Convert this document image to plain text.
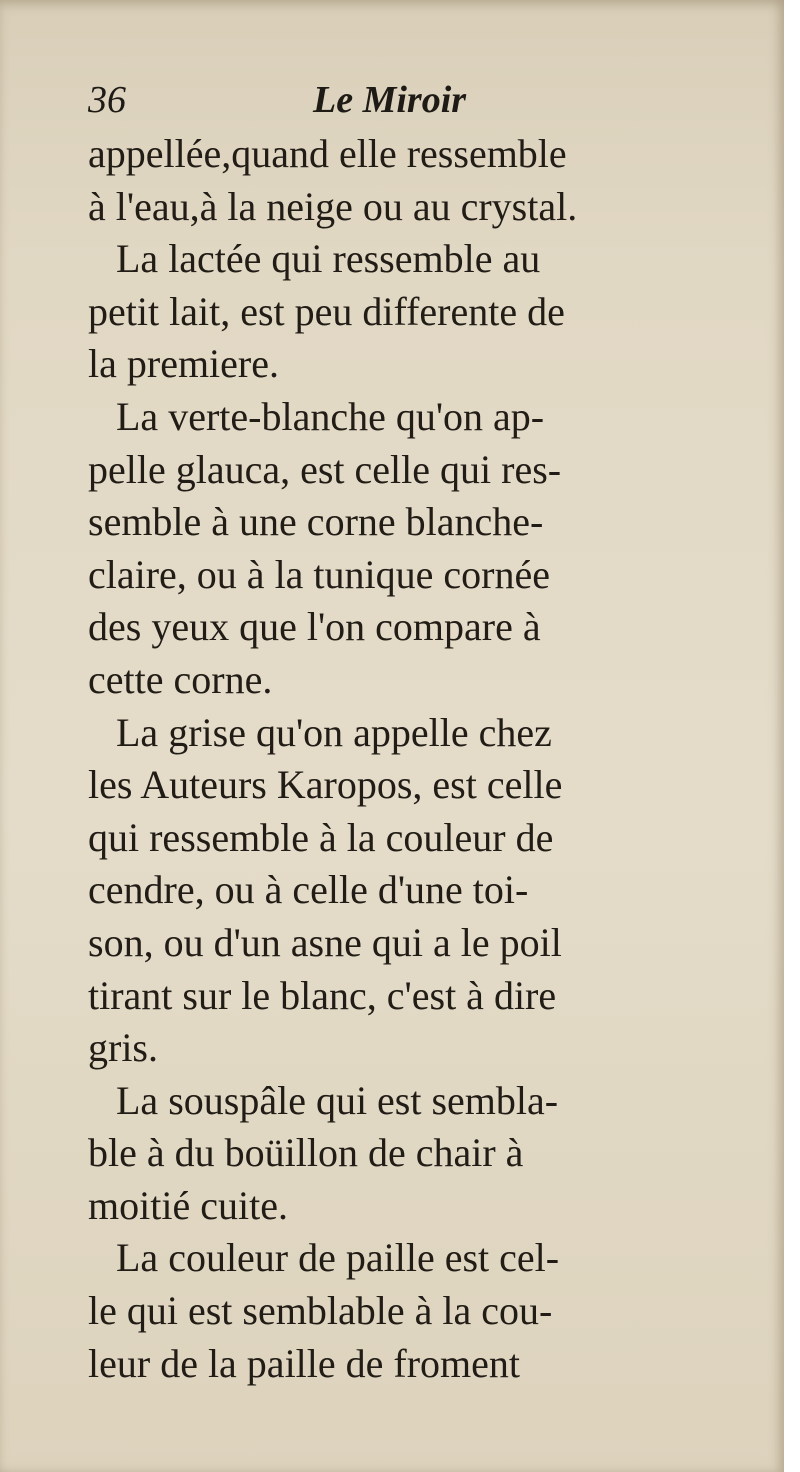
36	Le Miroir
appellée,quand elle ressemble
à l'eau,à la neige ou au crystal.
La lactée qui ressemble au
petit lait, est peu differente de
la premiere.
La verte-blanche qu'on ap-
pelle glauca, est celle qui res-
semble à une corne blanche-
claire, ou à la tunique cornée
des yeux que l'on compare à
cette corne.
La grise qu'on appelle chez
les Auteurs Karopos, est celle
qui ressemble à la couleur de
cendre, ou à celle d'une toi-
son, ou d'un asne qui a le poil
tirant sur le blanc, c'est à dire
gris.
La souspâle qui est sembla-
ble à du boüillon de chair à
moitié cuite.
La couleur de paille est cel-
le qui est semblable à la cou-
leur de la paille de froment
